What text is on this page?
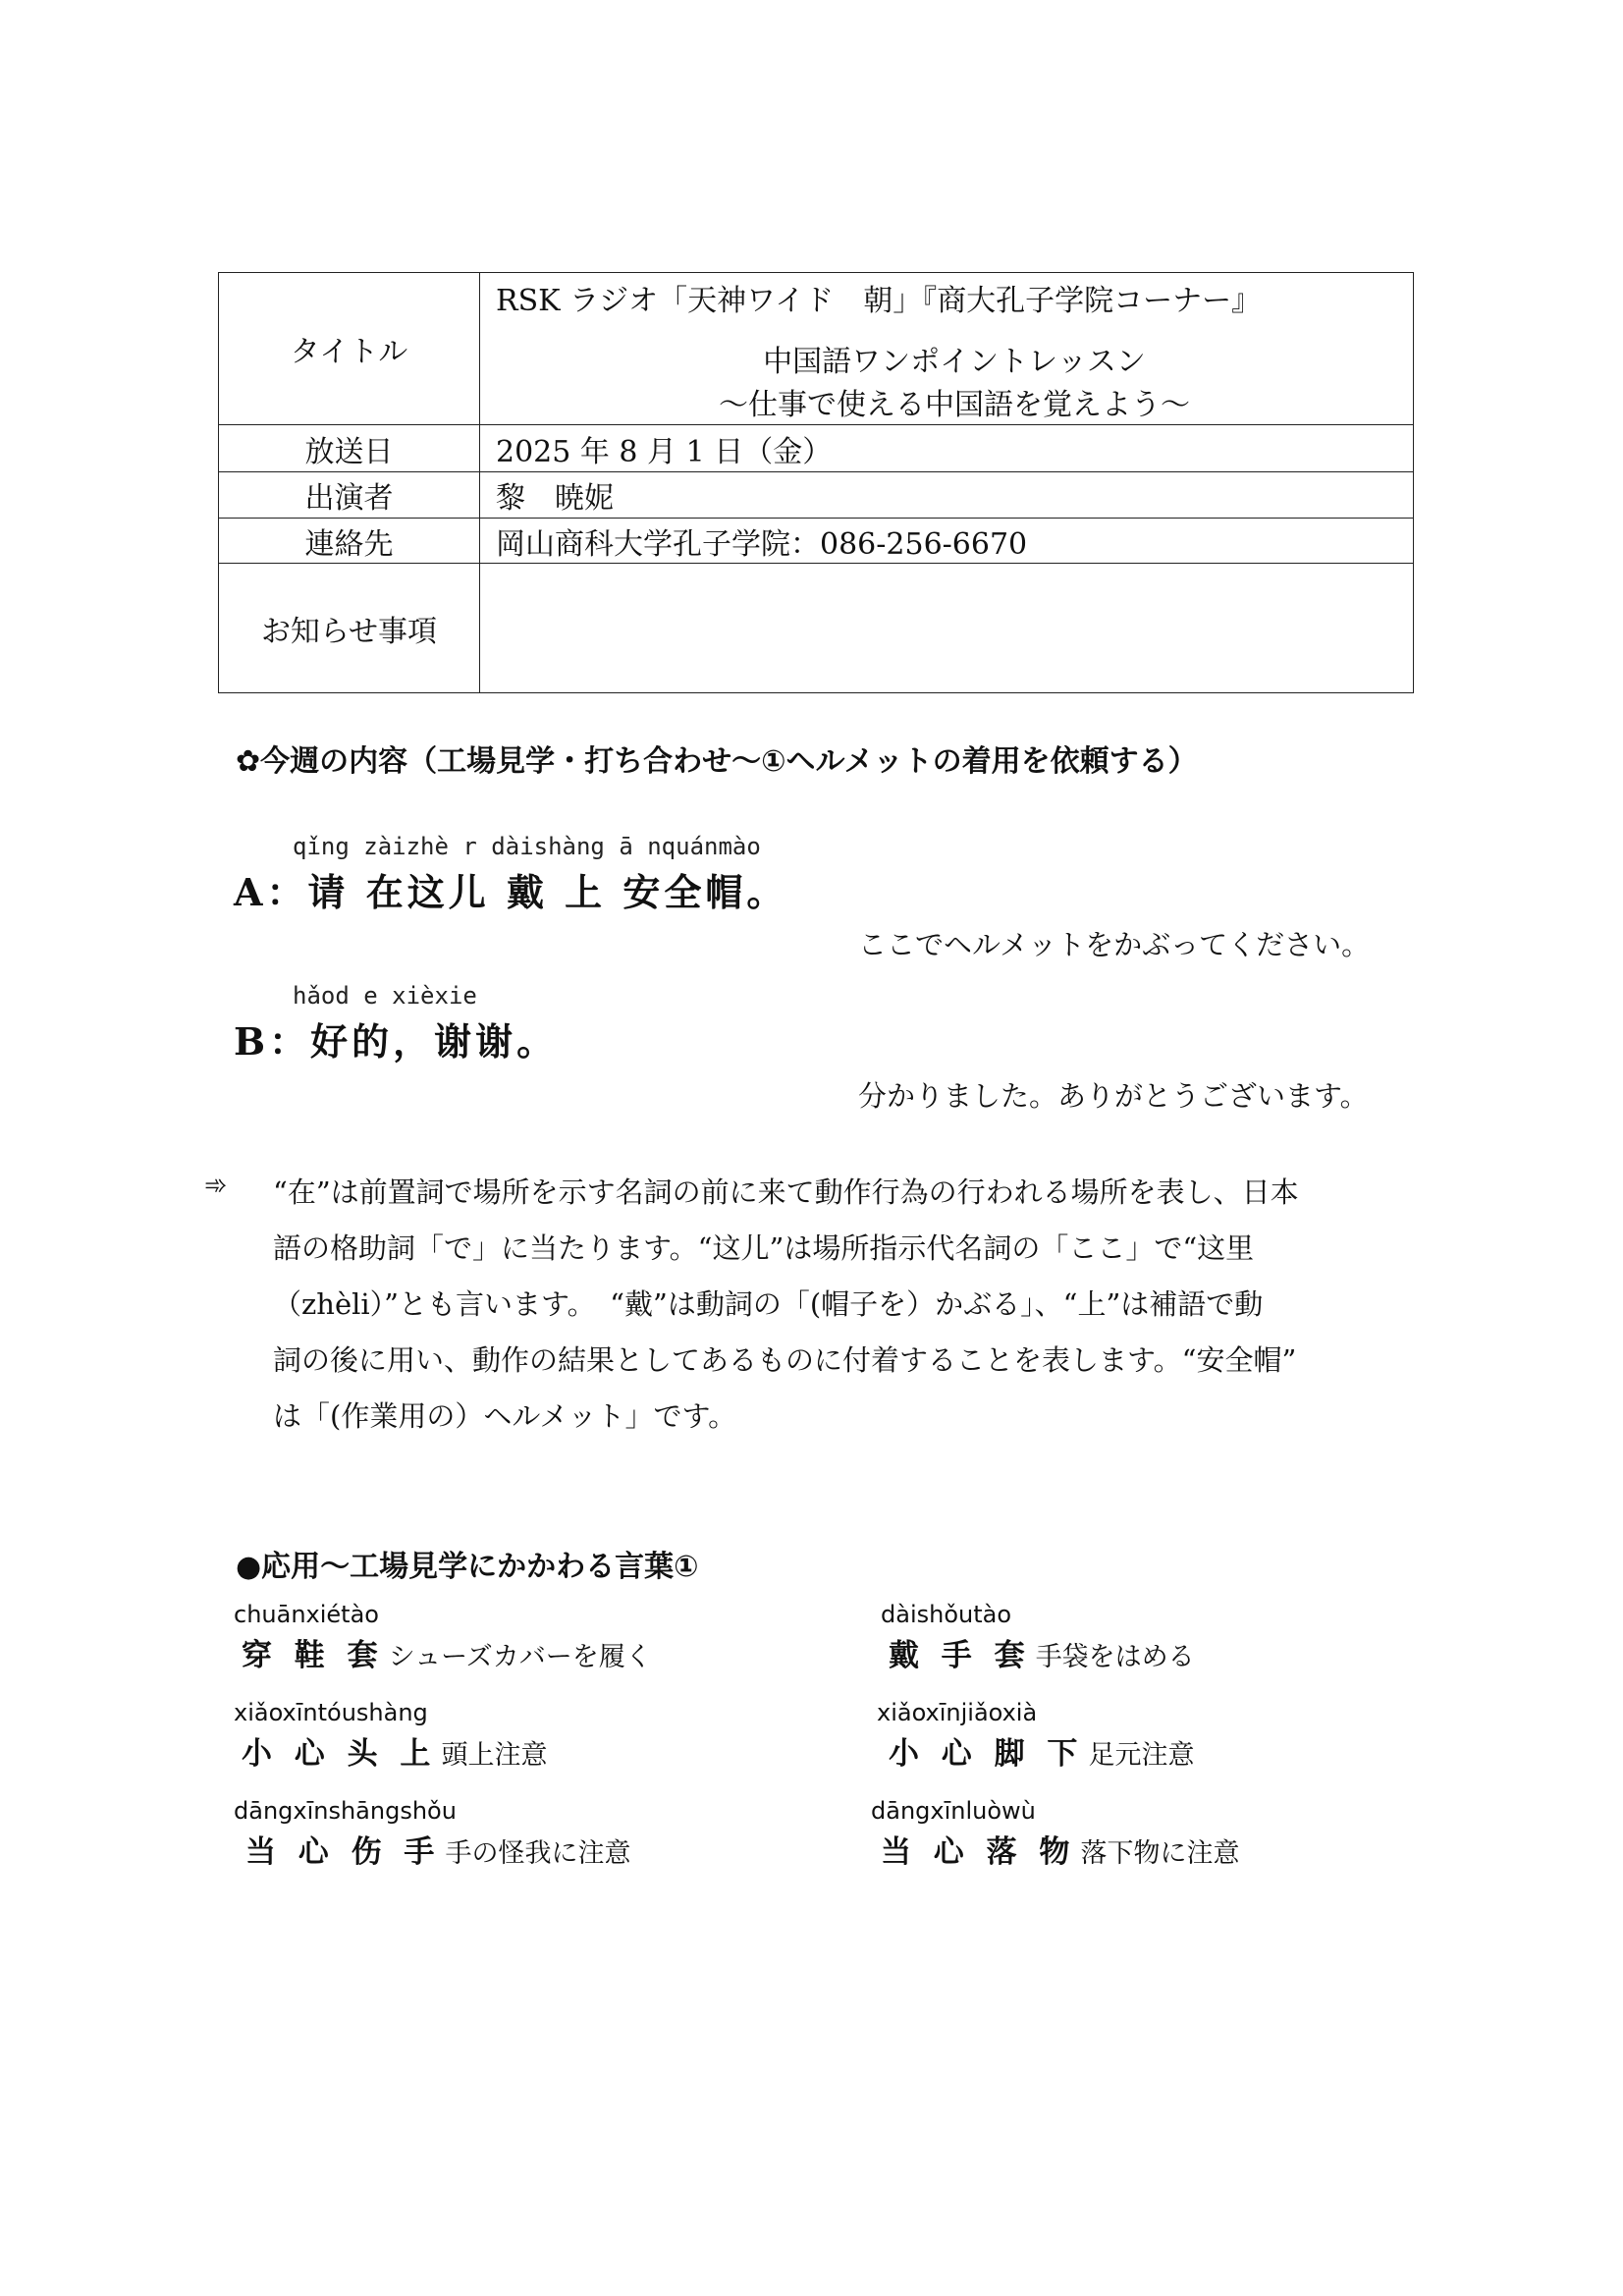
タイトル	RSK ラジオ「天神ワイド　朝」『商大孔子学院コーナー』
中国語ワンポイントレッスン
～仕事で使える中国語を覚えよう～

放送日	2025 年 8 月 1 日（金）
出演者	黎　暁妮
連絡先	岡山商科大学孔子学院：086-256-6670
お知らせ事項	
✿今週の内容（工場見学・打ち合わせ～①ヘルメットの着用を依頼する）
qǐng zàizhè r dàishàng ā nquánmào
A：请 在这儿 戴 上 安全帽。
ここでヘルメットをかぶってください。
hǎod e xièxie
B：好的，谢谢。
分かりました。ありがとうございます。
➾ “在”は前置詞で場所を示す名詞の前に来て動作行為の行われる場所を表し、日本
語の格助詞「で」に当たります。“这儿”は場所指示代名詞の「ここ」で“这里
（zhèli）”とも言います。　“戴”は動詞の「(帽子を）かぶる」、“上”は補語で動
詞の後に用い、動作の結果としてあるものに付着することを表します。“安全帽”
は「(作業用の）ヘルメット」です。
●応用～工場見学にかかわる言葉①
chuānxiétào
穿 鞋 套 シューズカバーを履く
dàishǒutào
戴 手 套 手袋をはめる
xiǎoxīntóushàng
小 心 头 上 頭上注意
xiǎoxīnjiǎoxià
小 心 脚 下 足元注意
dāngxīnshāngshǒu
当 心 伤 手 手の怪我に注意
dāngxīnluòwù
当 心 落 物 落下物に注意
